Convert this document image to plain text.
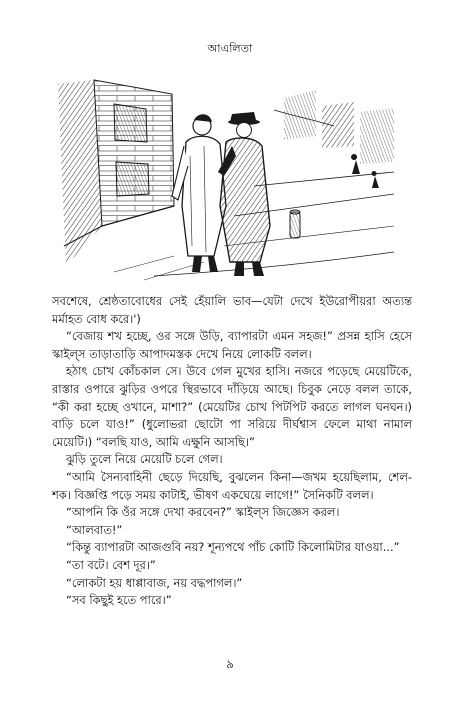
আএলিতা

সবশেষে, শ্রেষ্ঠতাবোধের সেই হেঁয়ালি ভাব—যেটা দেখে ইউরোপীয়রা অত্যন্ত মর্মাহত বোধ করে।')

“বেজায় শখ হচ্ছে, ওর সঙ্গে উড়ি, ব্যাপারটা এমন সহজ!” প্রসন্ন হাসি হেসে স্কাইল্‌স তাড়াতাড়ি আপাদমস্তক দেখে নিয়ে লোকটি বলল।

হঠাৎ চোখ কোঁচকাল সে। উবে গেল মুখের হাসি। নজরে পড়েছে মেয়েটিকে, রাস্তার ওপারে ঝুড়ির ওপরে স্থিরভাবে দাঁড়িয়ে আছে। চিবুক নেড়ে বলল তাকে, “কী করা হচ্ছে ওখানে, মাশা?” (মেয়েটির চোখ পিটপিট করতে লাগল ঘনঘন।) বাড়ি চলে যাও!” (ধুলোভরা ছোটো পা সরিয়ে দীর্ঘশ্বাস ফেলে মাথা নামাল মেয়েটি।) “বলছি যাও, আমি এক্ষুনি আসছি।”

ঝুড়ি তুলে নিয়ে মেয়েটি চলে গেল।

“আমি সৈন্যবাহিনী ছেড়ে দিয়েছি, বুঝলেন কিনা—জখম হয়েছিলাম, শেল-শক। বিজ্ঞপ্তি পড়ে সময় কাটাই, ভীষণ একঘেয়ে লাগে!” সৈনিকটি বলল।

“আপনি কি ওঁর সঙ্গে দেখা করবেন?” স্কাইল্‌স জিজ্ঞেস করল।

“আলবাত!”

“কিন্তু ব্যাপারটা আজগুবি নয়? শূন্যপথে পাঁচ কোটি কিলোমিটার যাওয়া...”

“তা বটে। বেশ দূর।”

“লোকটা হয় ধাপ্পাবাজ, নয় বদ্ধপাগল।”

“সব কিছুই হতে পারে।”

৯
